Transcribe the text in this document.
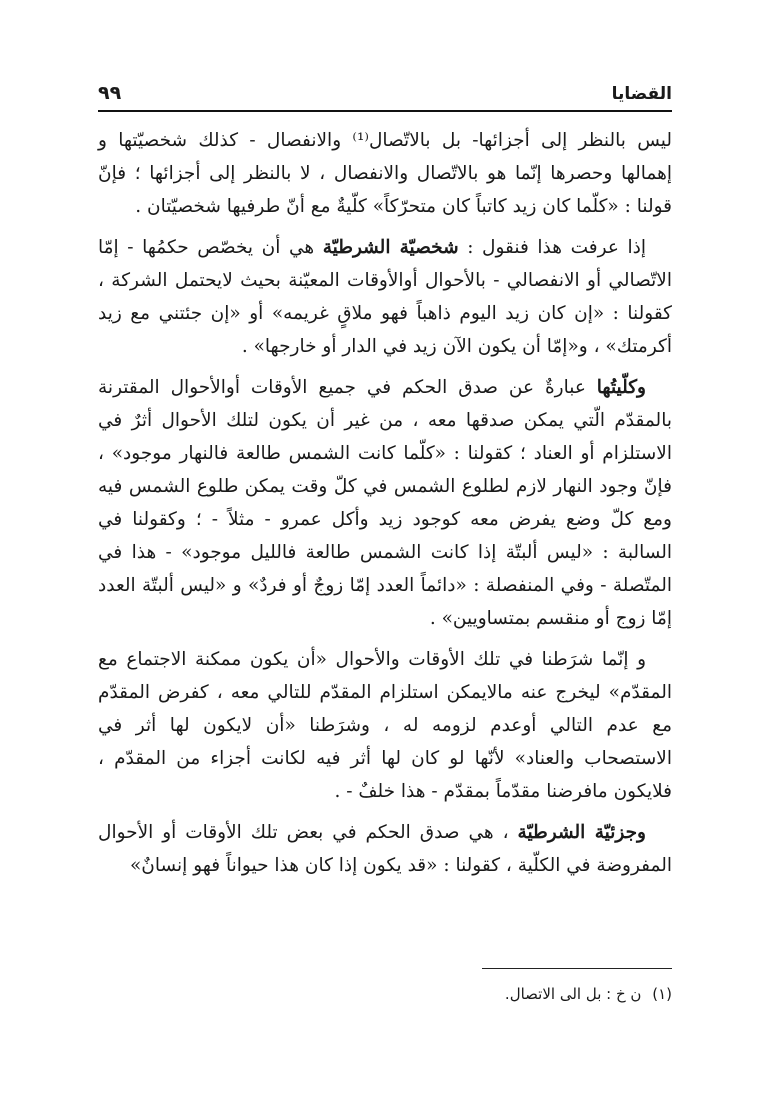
القضايا
٩٩

ليس بالنظر إلى أجزائها- بل بالاتّصال⁽¹⁾ والانفصال - كذلك شخصيّتها و إهمالها وحصرها إنّما هو بالاتّصال والانفصال ، لا بالنظر إلى أجزائها ؛ فإنّ قولنا : «كلّما كان زيد كاتباً كان متحرّكاً» كلّيةٌ مع أنّ طرفيها شخصيّتان .

إذا عرفت هذا فنقول : شخصيّة الشرطيّة هي أن يخصّص حكمُها - إمّا الاتّصالي أو الانفصالي - بالأحوال أوالأوقات المعيّنة بحيث لايحتمل الشركة ، كقولنا : «إن كان زيد اليوم ذاهباً فهو ملاقٍ غريمه» أو «إن جئتني مع زيد أكرمتك» ، و«إمّا أن يكون الآن زيد في الدار أو خارجها» .

وكلّيتُها عبارةٌ عن صدق الحكم في جميع الأوقات أوالأحوال المقترنة بالمقدّم الّتي يمكن صدقها معه ، من غير أن يكون لتلك الأحوال أثرٌ في الاستلزام أو العناد ؛ كقولنا : «كلّما كانت الشمس طالعة فالنهار موجود» ، فإنّ وجود النهار لازم لطلوع الشمس في كلّ وقت يمكن طلوع الشمس فيه ومع كلّ وضع يفرض معه كوجود زيد وأكل عمرو - مثلاً - ؛ وكقولنا في السالبة : «ليس ألبتّة إذا كانت الشمس طالعة فالليل موجود» - هذا في المتّصلة - وفي المنفصلة : «دائماً العدد إمّا زوجٌ أو فردٌ» و «ليس ألبتّة العدد إمّا زوج أو منقسم بمتساويين» .

و إنّما شرَطنا في تلك الأوقات والأحوال «أن يكون ممكنة الاجتماع مع المقدّم» ليخرج عنه مالايمكن استلزام المقدّم للتالي معه ، كفرض المقدّم مع عدم التالي أوعدم لزومه له ، وشرَطنا «أن لايكون لها أثر في الاستصحاب والعناد» لأنّها لو كان لها أثر فيه لكانت أجزاء من المقدّم ، فلايكون مافرضنا مقدّماً بمقدّم - هذا خلفٌ - .

وجزئيّة الشرطيّة ، هي صدق الحكم في بعض تلك الأوقات أو الأحوال المفروضة في الكلّية ، كقولنا : «قد يكون إذا كان هذا حيواناً فهو إنسانٌ»

(١) ن خ : بل الى الاتصال.
